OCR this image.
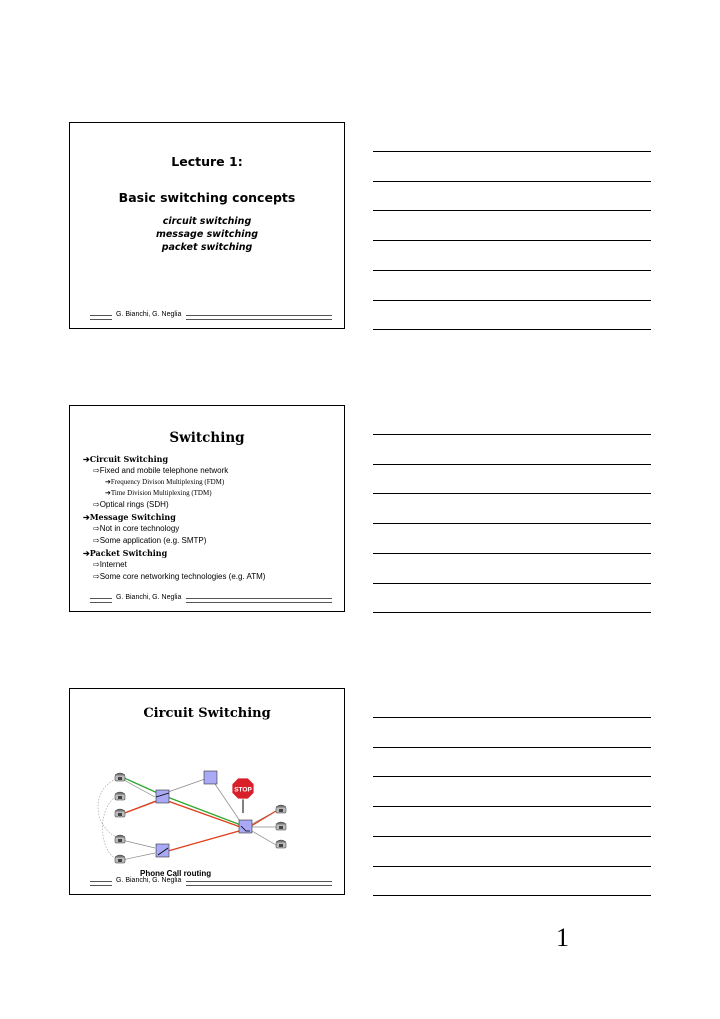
Lecture 1:
Basic switching concepts
circuit switching
message switching
packet switching
G. Bianchi, G. Neglia
Switching
➔Circuit Switching
⇨Fixed and mobile telephone network
➔Frequency Divison Multiplexing (FDM)
➔Time Division Multiplexing (TDM)
⇨Optical rings (SDH)
➔Message Switching
⇨Not in core technology
⇨Some application (e.g. SMTP)
➔Packet Switching
⇨Internet
⇨Some core networking technologies (e.g. ATM)
G. Bianchi, G. Neglia
Circuit Switching
STOP
Phone Call routing
G. Bianchi, G. Neglia
1
